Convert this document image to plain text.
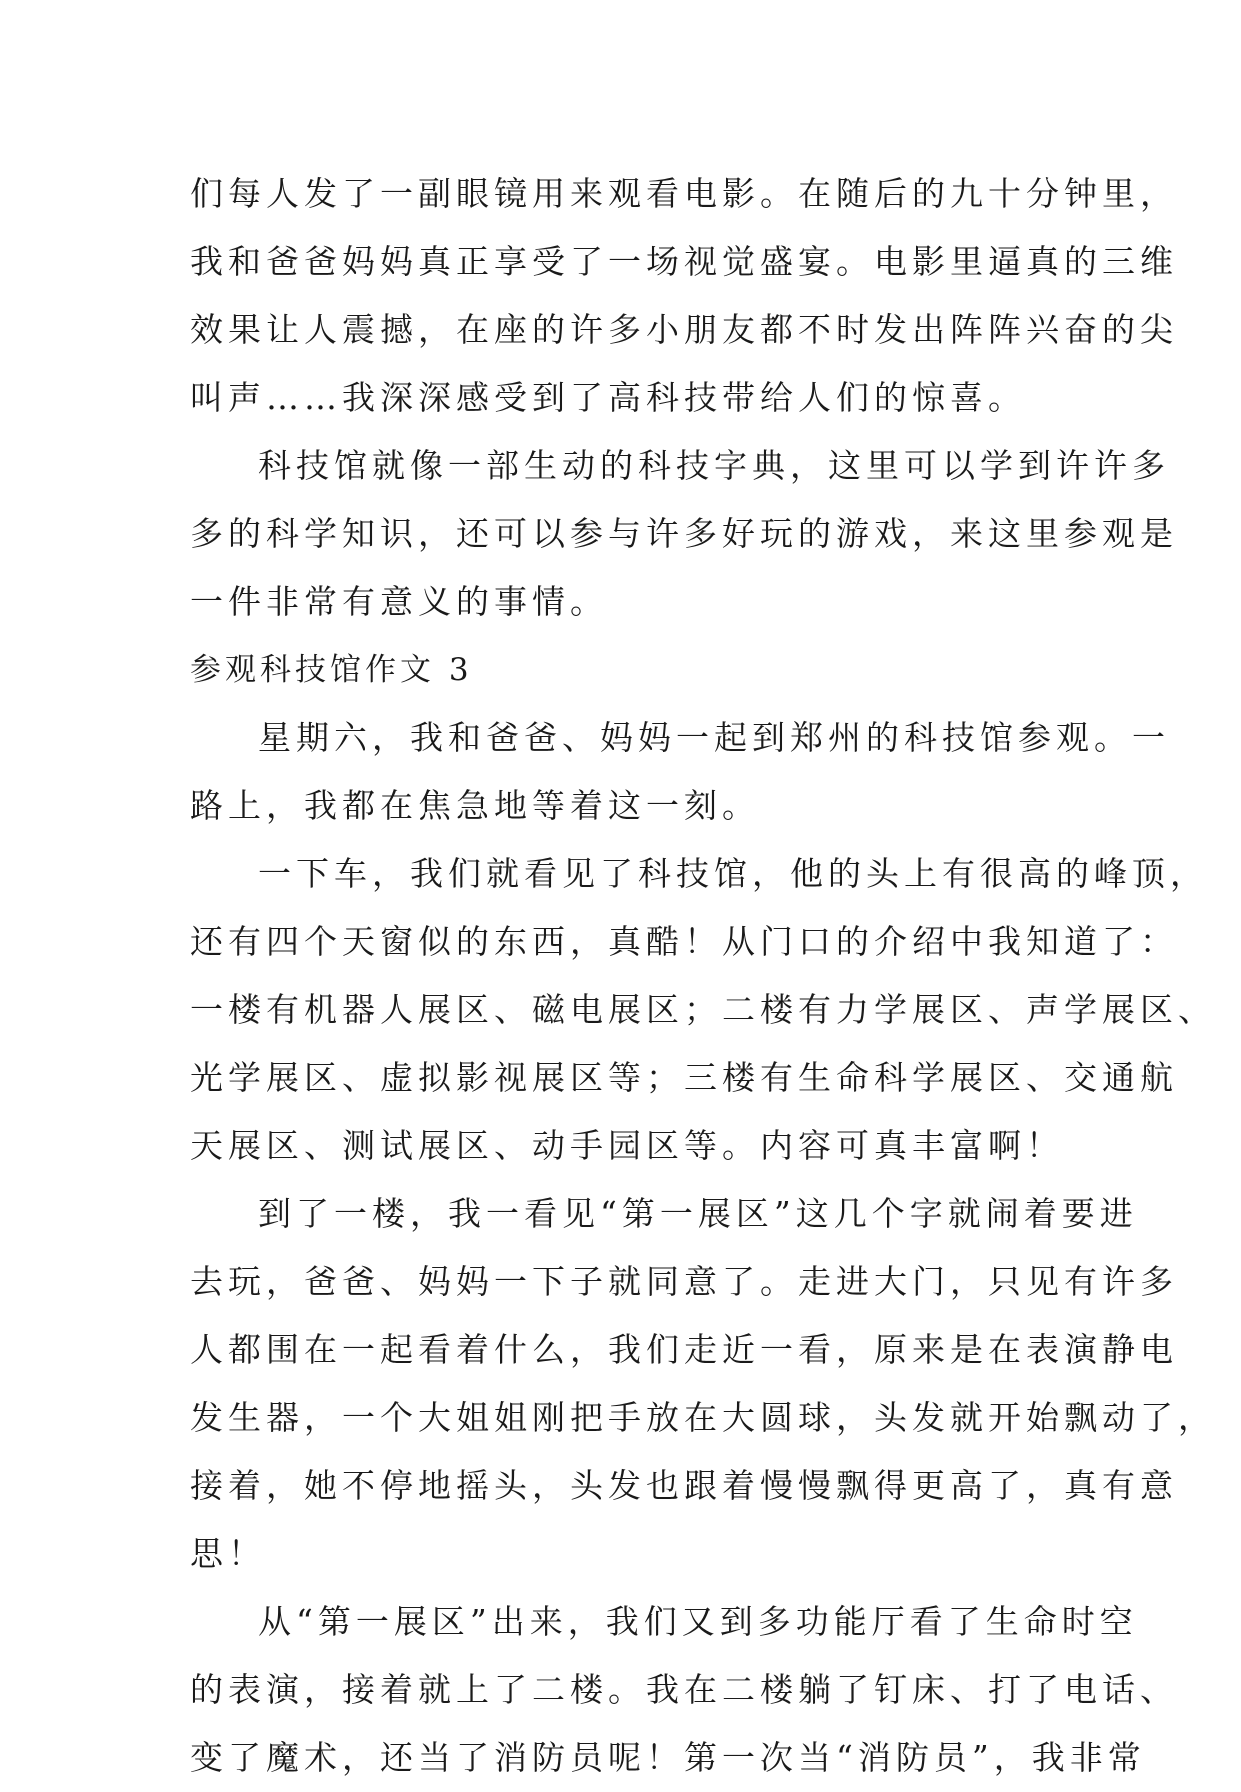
们每人发了一副眼镜用来观看电影。在随后的九十分钟里，
我和爸爸妈妈真正享受了一场视觉盛宴。电影里逼真的三维
效果让人震撼，在座的许多小朋友都不时发出阵阵兴奋的尖
叫声……我深深感受到了高科技带给人们的惊喜。
科技馆就像一部生动的科技字典，这里可以学到许许多
多的科学知识，还可以参与许多好玩的游戏，来这里参观是
一件非常有意义的事情。
参观科技馆作文 3
星期六，我和爸爸、妈妈一起到郑州的科技馆参观。一
路上，我都在焦急地等着这一刻。
一下车，我们就看见了科技馆，他的头上有很高的峰顶，
还有四个天窗似的东西，真酷！从门口的介绍中我知道了：
一楼有机器人展区、磁电展区；二楼有力学展区、声学展区、
光学展区、虚拟影视展区等；三楼有生命科学展区、交通航
天展区、测试展区、动手园区等。内容可真丰富啊！
到了一楼，我一看见“第一展区”这几个字就闹着要进
去玩，爸爸、妈妈一下子就同意了。走进大门，只见有许多
人都围在一起看着什么，我们走近一看，原来是在表演静电
发生器，一个大姐姐刚把手放在大圆球，头发就开始飘动了，
接着，她不停地摇头，头发也跟着慢慢飘得更高了，真有意
思！
从“第一展区”出来，我们又到多功能厅看了生命时空
的表演，接着就上了二楼。我在二楼躺了钉床、打了电话、
变了魔术，还当了消防员呢！第一次当“消防员”，我非常
